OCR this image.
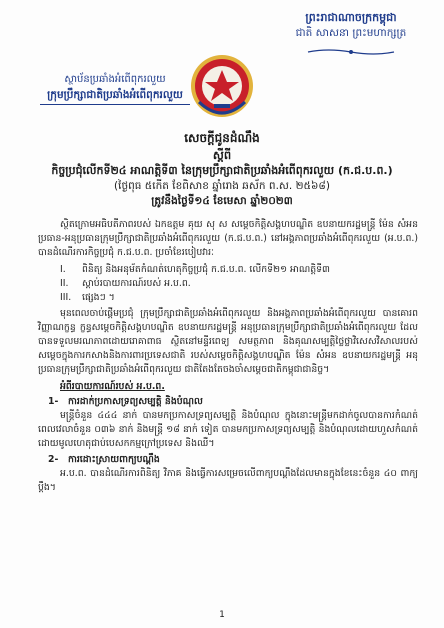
ព្រះរាជាណាចក្រកម្ពុជា
ជាតិ សាសនា ព្រះមហាក្សត្រ
ស្ថាប័នប្រឆាំងអំពើពុករលួយ
ក្រុមប្រឹក្សាជាតិប្រឆាំងអំពើពុករលួយ
សេចក្តីជូនដំណឹង
ស្តីពី
កិច្ចប្រជុំលើកទី២៤ អាណត្តិទី៣ នៃក្រុមប្រឹក្សាជាតិប្រឆាំងអំពើពុករលួយ (ក.ជ.ប.ព.)
(ថ្ងៃពុធ ៥កើត ខែពិសាខ ឆ្នាំរោង ឆស័ក ព.ស. ២៥៦៨)
ត្រូវនឹងថ្ងៃទី១៤ ខែមេសា ឆ្នាំ២០២៣

ស្ថិតក្រោមអធិបតីភាពរបស់ ឯកឧត្តម គុយ សុ ស សម្ដេចកិត្តិសង្គហបណ្ឌិត ឧបនាយករដ្ឋមន្ត្រី ម៉ែន សំអន ប្រធាន-អនុប្រធានក្រុមប្រឹក្សាជាតិប្រឆាំងអំពើពុករលួយ (ក.ជ.ប.ព.) នៅអង្គភាពប្រឆាំងអំពើពុករលួយ (អ.ប.ព.) បានដំណើរការកិច្ចប្រជុំ ក.ជ.ប.ព. ប្រចាំខែរបៀបវារៈ

I. ពិនិត្យ និងអនុម័តកំណត់ហេតុកិច្ចប្រជុំ ក.ជ.ប.ព. លើកទី២១ អាណត្តិទី៣
II. ស្តាប់របាយការណ៍របស់ អ.ប.ព.
III. ផ្សេងៗ ។

មុនពេលចាប់ផ្តើមប្រជុំ ក្រុមប្រឹក្សាជាតិប្រឆាំងអំពើពុករលួយ និងអង្គភាពប្រឆាំងអំពើពុករលួយ បានគោរពវិញ្ញាណក្ខន្ធ ក្ខន្ធសម្ដេចកិត្តិសង្គហបណ្ឌិត ឧបនាយករដ្ឋមន្ត្រី អនុប្រធានក្រុមប្រឹក្សាជាតិប្រឆាំងអំពើពុករលួយ ដែលបានទទួលមរណភាពដោយរោគាពាធ ស្ថិតនៅមន្ទីរពេទ្យ សមត្ថភាព និងគុណសម្បត្តិថ្លៃថ្លាវិសេសវិសាលរបស់សម្ដេចក្នុងការកសាងនិងការពារប្រទេសជាតិ របស់សម្ដេចកិត្តិសង្គហបណ្ឌិត ម៉ែន សំអន ឧបនាយករដ្ឋមន្ត្រី អនុប្រធានក្រុមប្រឹក្សាជាតិប្រឆាំងអំពើពុករលួយ ជាតិតែងតែចងចាំសម្ដេចជាតិកម្ពុជាជានិច្ច។

អំពីរបាយការណ៍របស់ អ.ប.ព.
1- ការដាក់ប្រកាសទ្រព្យសម្បត្តិ និងបំណុល

មន្ត្រីចំនួន ៤៤៤ នាក់ បានមកប្រកាសទ្រព្យសម្បត្តិ និងបំណុល ក្នុងនោះមន្ត្រីមកដាក់ចូលបានការកំណត់ពេលវេលាចំនួន ០៣៦ នាក់ និងមន្ត្រី ១៨ នាក់ ទៀត បានមកប្រកាសទ្រព្យសម្បត្តិ និងបំណុលដោយហួសកំណត់ ដោយមូលហេតុជាប់បេសកកម្មក្រៅប្រទេស និងឈឺ។

2- ការដោះស្រាយពាក្យបណ្ដឹង

អ.ប.ព. បានដំណើរការពិនិត្យ វិភាគ និងធ្វើការសម្រេចលើពាក្យបណ្តឹងដែលមានក្នុងខែនេះចំនួន ៤០ ពាក្យប្ដឹង។

1
